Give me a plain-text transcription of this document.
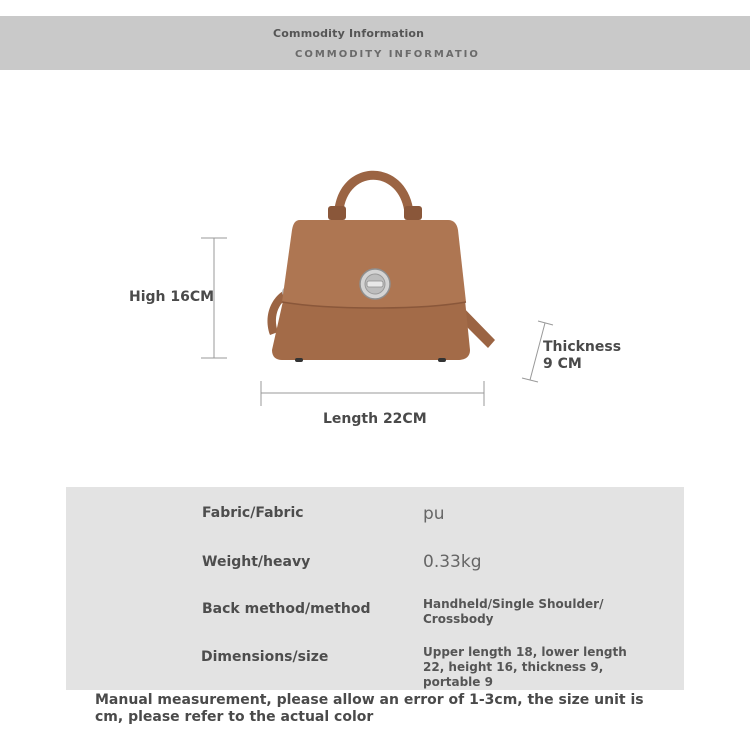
Commodity Information
COMMODITY INFORMATIO
High 16CM
Length 22CM
Thickness 9 CM
Fabric/Fabric	pu
Weight/heavy	0.33kg
Back method/method	Handheld/Single Shoulder/ Crossbody
Dimensions/size	Upper length 18, lower length 22, height 16, thickness 9, portable 9
Manual measurement, please allow an error of 1-3cm, the size unit is cm, please refer to the actual color
